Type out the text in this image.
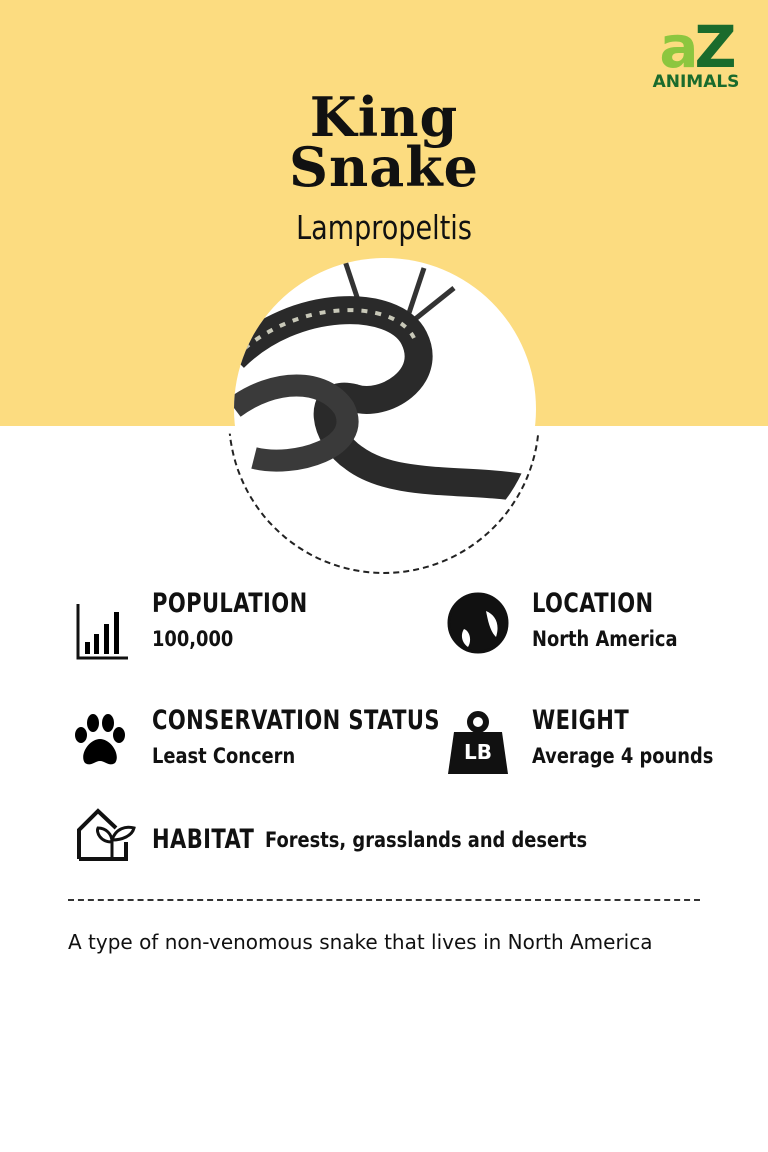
aZ
ANIMALS
King
Snake
Lampropeltis
POPULATION
100,000
LOCATION
North America
CONSERVATION STATUS
Least Concern	LB
WEIGHT
Average 4 pounds
HABITAT Forests, grasslands and deserts
A type of non-venomous snake that lives in North America
